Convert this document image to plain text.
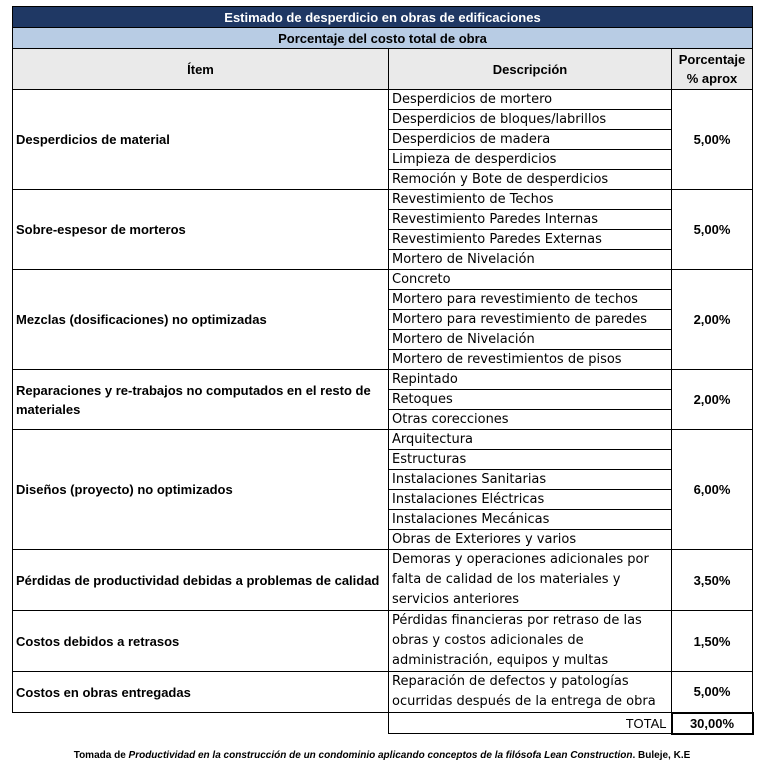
Estimado de desperdicio en obras de edificaciones		
Porcentaje del costo total de obra		
Ítem	Descripción	Porcentaje
% aprox

Desperdicios de material	Desperdicios de mortero	5,00%
	Desperdicios de bloques/labrillos	
	Desperdicios de madera	
	Limpieza de desperdicios	
	Remoción y Bote de desperdicios	
Sobre-espesor de morteros	Revestimiento de Techos	5,00%
	Revestimiento Paredes Internas	
	Revestimiento Paredes Externas	
	Mortero de Nivelación	
Mezclas (dosificaciones) no optimizadas	Concreto	2,00%
	Mortero para revestimiento de techos	
	Mortero para revestimiento de paredes	
	Mortero de Nivelación	
	Mortero de revestimientos de pisos	
Reparaciones y re-trabajos no computados en el resto de materiales	Repintado	2,00%
	Retoques	
	Otras corecciones	
Diseños (proyecto) no optimizados	Arquitectura	6,00%
	Estructuras	
	Instalaciones Sanitarias	
	Instalaciones Eléctricas	
	Instalaciones Mecánicas	
	Obras de Exteriores y varios	
Pérdidas de productividad debidas a problemas de calidad	Demoras y operaciones adicionales por falta de calidad de los materiales y servicios anteriores	3,50%
Costos debidos a retrasos	Pérdidas financieras por retraso de las obras y costos adicionales de administración, equipos y multas	1,50%
Costos en obras entregadas	Reparación de defectos y patologías ocurridas después de la entrega de obra	5,00%
	TOTAL	30,00%
Tomada de Productividad en la construcción de un condominio aplicando conceptos de la filósofa Lean Construction. Buleje, K.E
